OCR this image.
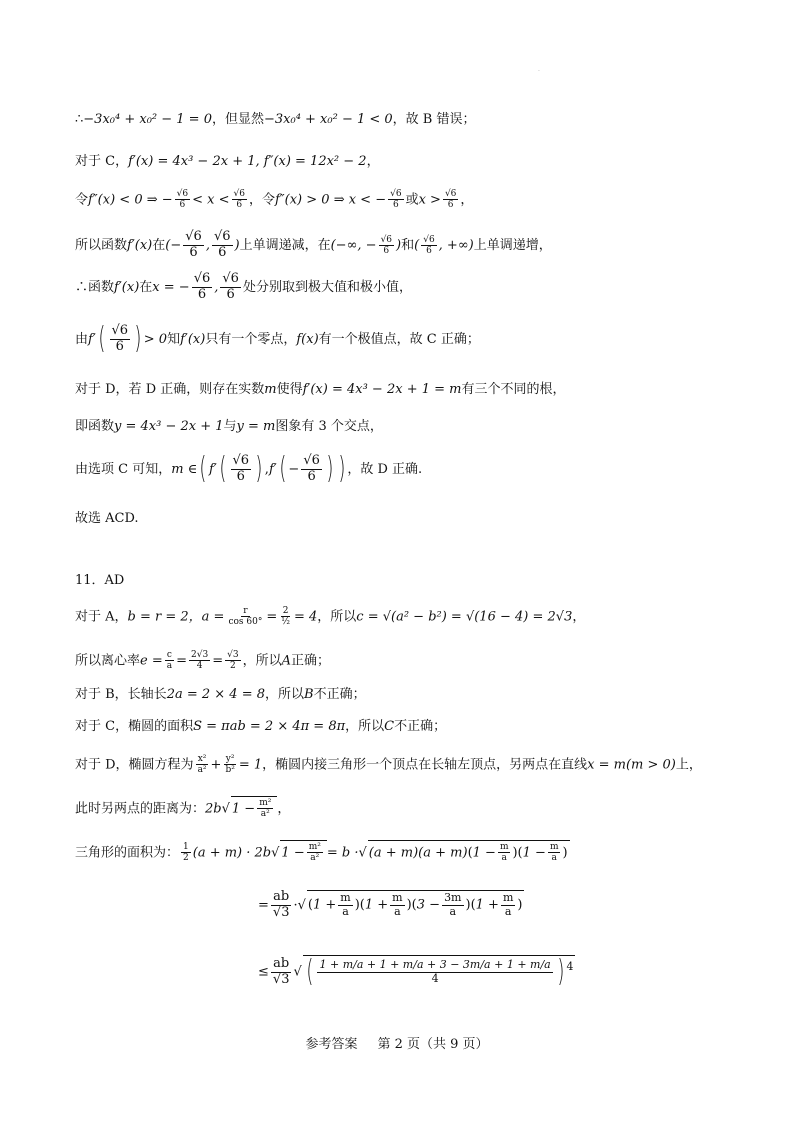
.
∴−3x₀⁴ + x₀² − 1 = 0，但显然−3x₀⁴ + x₀² − 1 < 0，故 B 错误；
对于 C，f′(x) = 4x³ − 2x + 1, f″(x) = 12x² − 2，
令f″(x) < 0 ⇒ − $\frac{√6}{6} < x < \frac{√6}{6}$ ，令f″(x) > 0 ⇒ x < − $\frac{√6}{6}$ 或$x > \frac{√6}{6}$ ，
所以函数f′(x)在(− $\frac{√6}{6}$ , $\frac{√6}{6}$ )上单调递减，在(−∞, − $\frac{√6}{6}$ )和( $\frac{√6}{6}$ , +∞)上单调递增，
∴函数f′(x)在x = − $\frac{√6}{6}$ , $\frac{√6}{6}$ 处分别取到极大值和极小值，
由$f'( \frac{√6}{6}$ ) > 0知f′(x)只有一个零点，f(x)有一个极值点，故 C 正确；
对于 D，若 D 正确，则存在实数m使得f′(x) = 4x³ − 2x + 1 = m有三个不同的根，
即函数y = 4x³ − 2x + 1与y = m图象有 3 个交点，
由选项 C 可知，m ∈( $f'( \frac{√6}{6}$ ) $,f'( - \frac{√6}{6}$ ) ) ，故 D 正确.
故选 ACD.
11．AD
对于 A，b = r = 2，$a = \frac{r}{\cos 60^\circ} = \frac{2}{\text{½}} = 4$，所以c = √(a² − b²) = √(16 − 4) = 2√3，
所以离心率$e = \frac{c}{a} = \frac{2√3}{4} = \frac{√3}{2}$ ，所以A正确；
对于 B，长轴长2a = 2 × 4 = 8，所以B不正确；
对于 C，椭圆的面积S = πab = 2 × 4π = 8π，所以C不正确；
对于 D，椭圆方程为 $\frac{\text{x²}}{\text{a²}} + \frac{\text{y²}}{\text{b²}} = 1$，椭圆内接三角形一个顶点在长轴左顶点，另两点在直线x = m(m > 0)上，
此时另两点的距离为：2b√ $1 - \frac{\text{m²}}{\text{a²}}$ ，
三角形的面积为： $\frac{1}{2} (a + m) \cdot 2b√$ $1 - \frac{\text{m²}}{\text{a²}} = b$ ·√ $(a + m)(a + m)(1 - \frac{m}{a} )(1 - \frac{m}{a}$ )
= $\frac{ab}{√3}$ ·√ $(1 + \frac{m}{a} )(1 + \frac{m}{a} )(3 - \frac{3m}{a} )(1 + \frac{m}{a}$ )
≤ $\frac{ab}{√3}$ √ ( $\frac{1 + m/a + 1 + m/a + 3 - 3m/a + 1 + m/a}{4}$ ) $^4$
参考答案 第 2 页（共 9 页）
